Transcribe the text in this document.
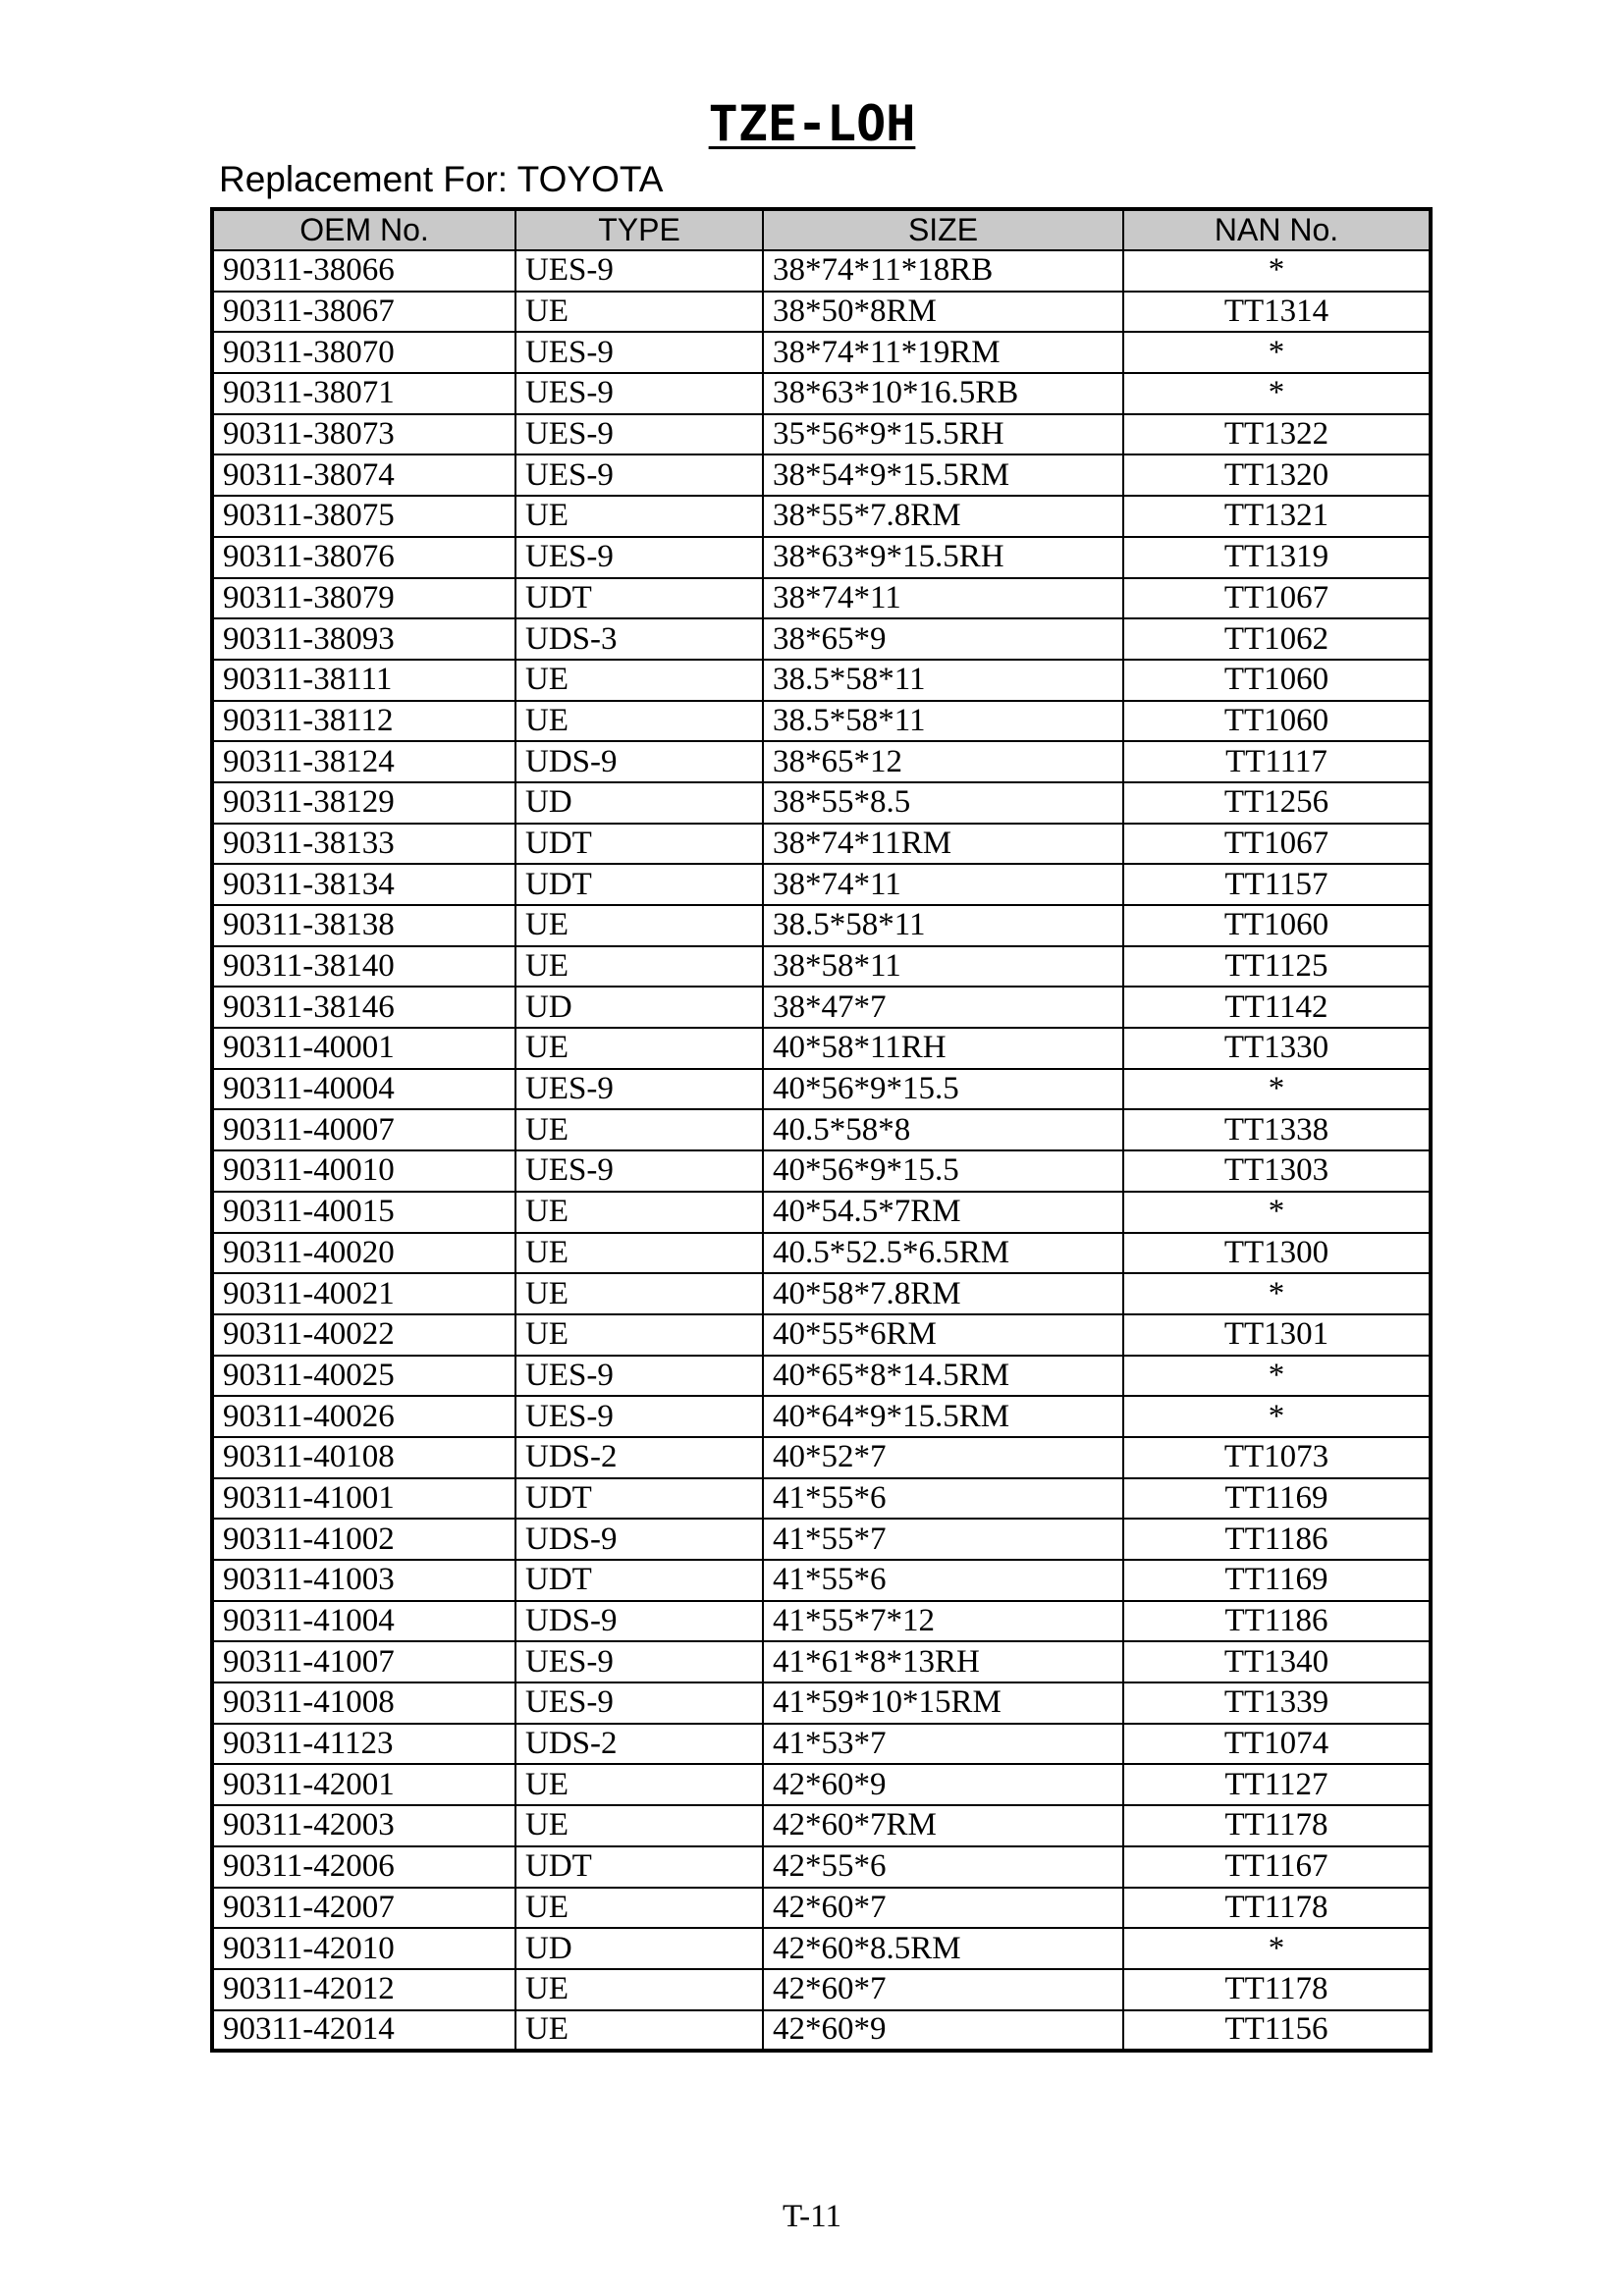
TZE-LOH
Replacement For: TOYOTA
OEM No.	TYPE	SIZE	NAN No.
90311-38066	UES-9	38*74*11*18RB	*
90311-38067	UE	38*50*8RM	TT1314
90311-38070	UES-9	38*74*11*19RM	*
90311-38071	UES-9	38*63*10*16.5RB	*
90311-38073	UES-9	35*56*9*15.5RH	TT1322
90311-38074	UES-9	38*54*9*15.5RM	TT1320
90311-38075	UE	38*55*7.8RM	TT1321
90311-38076	UES-9	38*63*9*15.5RH	TT1319
90311-38079	UDT	38*74*11	TT1067
90311-38093	UDS-3	38*65*9	TT1062
90311-38111	UE	38.5*58*11	TT1060
90311-38112	UE	38.5*58*11	TT1060
90311-38124	UDS-9	38*65*12	TT1117
90311-38129	UD	38*55*8.5	TT1256
90311-38133	UDT	38*74*11RM	TT1067
90311-38134	UDT	38*74*11	TT1157
90311-38138	UE	38.5*58*11	TT1060
90311-38140	UE	38*58*11	TT1125
90311-38146	UD	38*47*7	TT1142
90311-40001	UE	40*58*11RH	TT1330
90311-40004	UES-9	40*56*9*15.5	*
90311-40007	UE	40.5*58*8	TT1338
90311-40010	UES-9	40*56*9*15.5	TT1303
90311-40015	UE	40*54.5*7RM	*
90311-40020	UE	40.5*52.5*6.5RM	TT1300
90311-40021	UE	40*58*7.8RM	*
90311-40022	UE	40*55*6RM	TT1301
90311-40025	UES-9	40*65*8*14.5RM	*
90311-40026	UES-9	40*64*9*15.5RM	*
90311-40108	UDS-2	40*52*7	TT1073
90311-41001	UDT	41*55*6	TT1169
90311-41002	UDS-9	41*55*7	TT1186
90311-41003	UDT	41*55*6	TT1169
90311-41004	UDS-9	41*55*7*12	TT1186
90311-41007	UES-9	41*61*8*13RH	TT1340
90311-41008	UES-9	41*59*10*15RM	TT1339
90311-41123	UDS-2	41*53*7	TT1074
90311-42001	UE	42*60*9	TT1127
90311-42003	UE	42*60*7RM	TT1178
90311-42006	UDT	42*55*6	TT1167
90311-42007	UE	42*60*7	TT1178
90311-42010	UD	42*60*8.5RM	*
90311-42012	UE	42*60*7	TT1178
90311-42014	UE	42*60*9	TT1156
T-11
